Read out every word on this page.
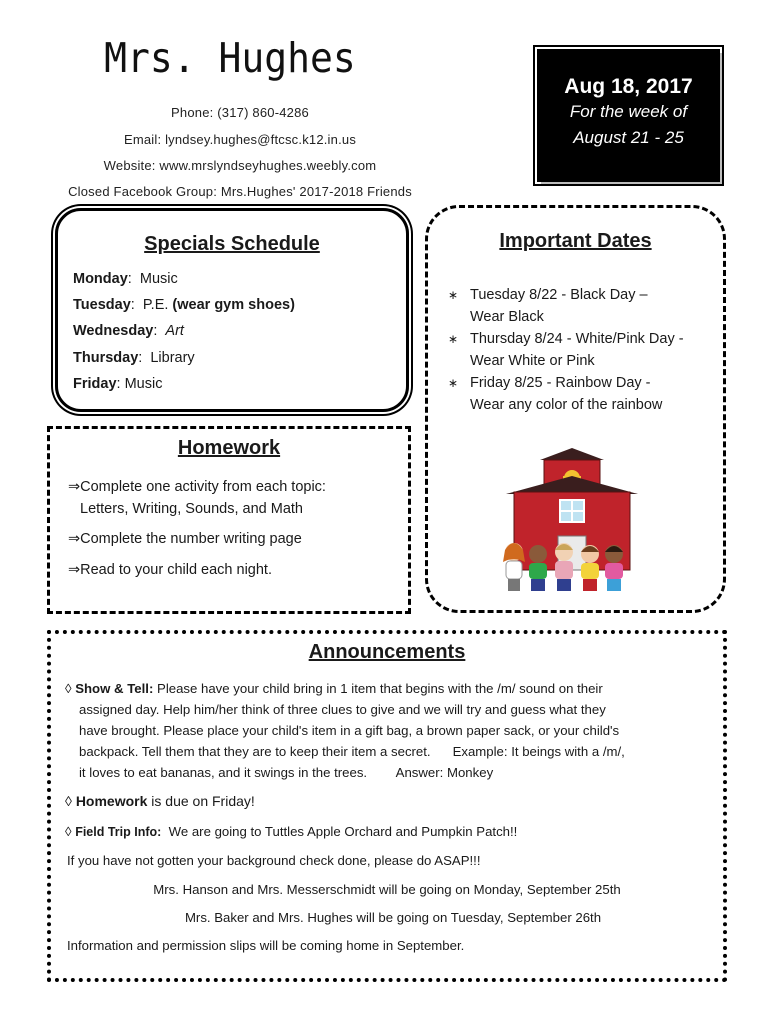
Mrs. Hughes
Phone: (317) 860-4286
Email: lyndsey.hughes@ftcsc.k12.in.us
Website: www.mrslyndseyhughes.weebly.com
Closed Facebook Group: Mrs.Hughes' 2017-2018 Friends
Aug 18, 2017
For the week of
August 21 - 25
Specials Schedule
Monday:  Music
Tuesday:  P.E. (wear gym shoes)
Wednesday:  Art
Thursday:  Library
Friday: Music
Important Dates
∗ Tuesday 8/22 - Black Day –
Wear Black
∗ Thursday 8/24 - White/Pink Day -
Wear White or Pink
∗ Friday 8/25 - Rainbow Day -
Wear any color of the rainbow
Homework
⇒Complete one activity from each topic:
Letters, Writing, Sounds, and Math
⇒Complete the number writing page
⇒Read to your child each night.
Announcements
◊ Show & Tell: Please have your child bring in 1 item that begins with the /m/ sound on their
assigned day. Help him/her think of three clues to give and we will try and guess what they
have brought. Please place your child's item in a gift bag, a brown paper sack, or your child's
backpack. Tell them that they are to keep their item a secret.      Example: It beings with a /m/,
it loves to eat bananas, and it swings in the trees.        Answer: Monkey
◊ Homework is due on Friday!
◊ Field Trip Info:  We are going to Tuttles Apple Orchard and Pumpkin Patch!!
If you have not gotten your background check done, please do ASAP!!!
Mrs. Hanson and Mrs. Messerschmidt will be going on Monday, September 25th
Mrs. Baker and Mrs. Hughes will be going on Tuesday, September 26th
Information and permission slips will be coming home in September.
